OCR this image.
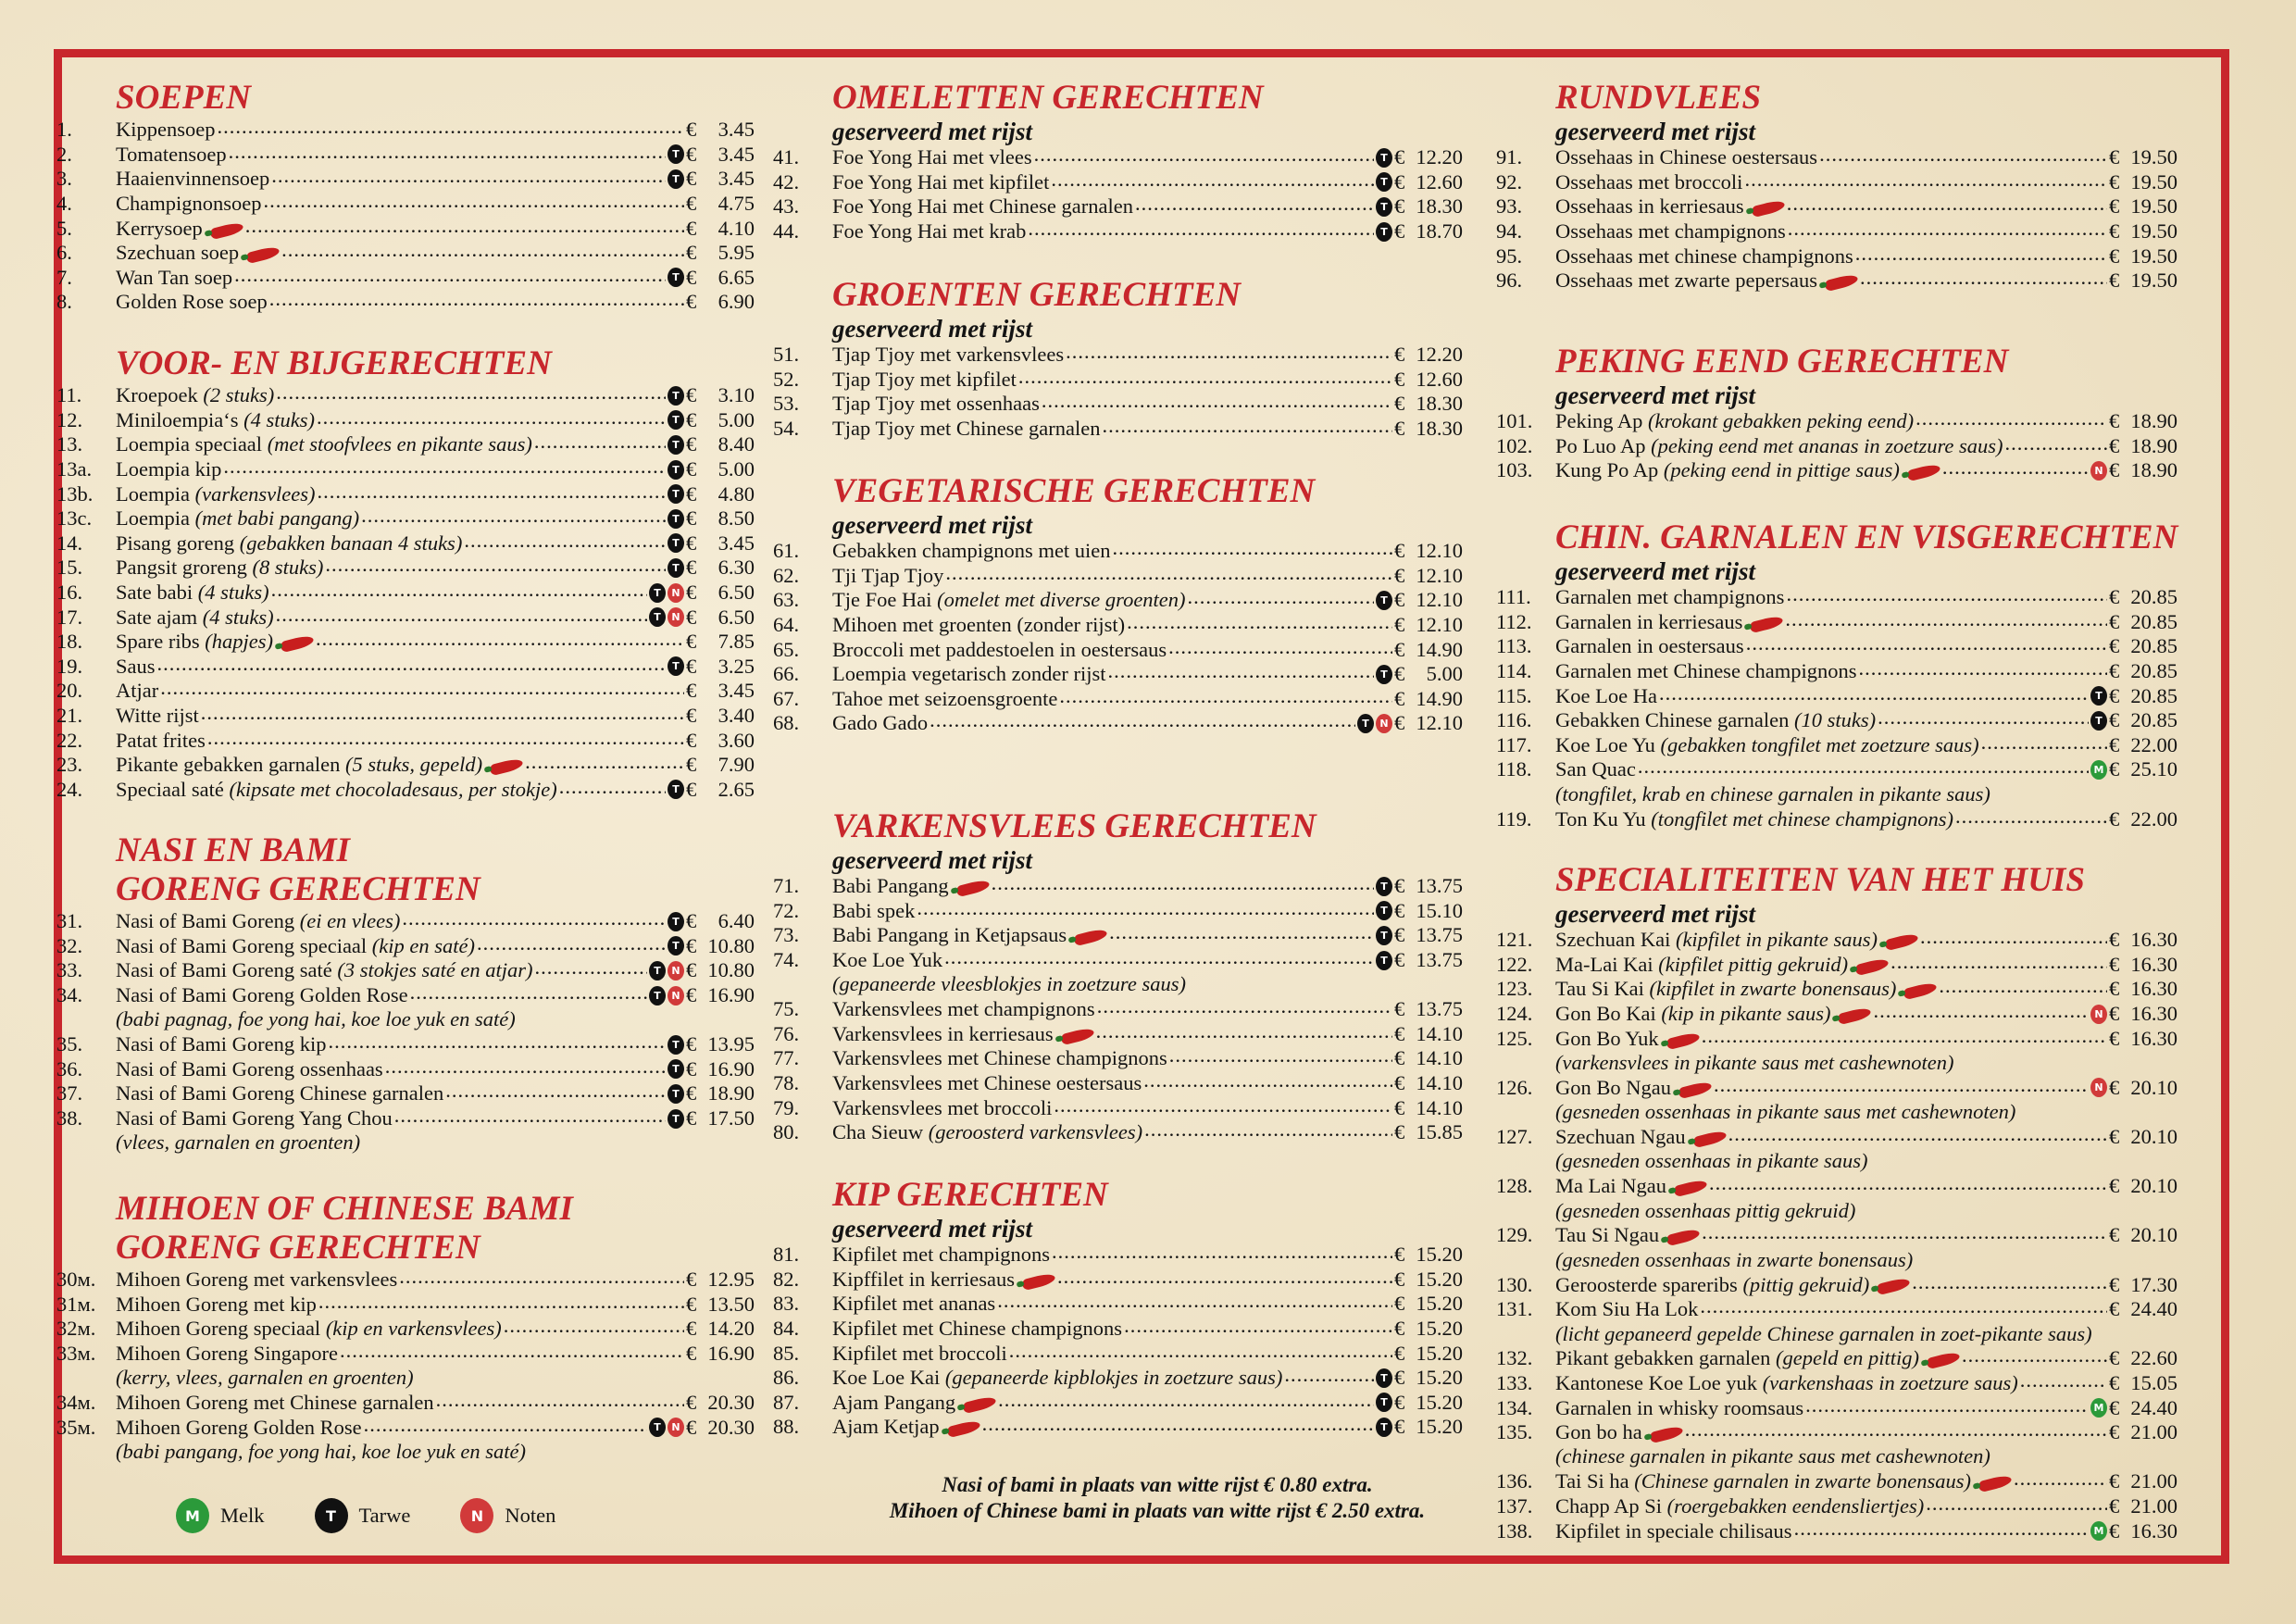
SOEPEN
1.	Kippensoep .....	€ 3.45
2.	Tomatensoep .....	T € 3.45
3.	Haaienvinnensoep .....	T € 3.45
4.	Champignonsoep .....	€ 4.75
5.	Kerrysoep .....	€ 4.10
6.	Szechuan soep .....	€ 5.95
7.	Wan Tan soep .....	T € 6.65
8.	Golden Rose soep .....	€ 6.90
VOOR- EN BIJGERECHTEN
11.	Kroepoek (2 stuks) .....	T € 3.10
12.	Miniloempia‘s (4 stuks) .....	T € 5.00
13.	Loempia speciaal (met stoofvlees en pikante saus) .....	T € 8.40
13a.	Loempia kip .....	T € 5.00
13b.	Loempia (varkensvlees) .....	T € 4.80
13c.	Loempia (met babi pangang) .....	T € 8.50
14.	Pisang goreng (gebakken banaan 4 stuks) .....	T € 3.45
15.	Pangsit groreng (8 stuks) .....	T € 6.30
16.	Sate babi (4 stuks) .....	T	N € 6.50
17.	Sate ajam (4 stuks) .....	T	N € 6.50
18.	Spare ribs (hapjes) .....	€ 7.85
19.	Saus .....	T € 3.25
20.	Atjar .....	€ 3.45
21.	Witte rijst .....	€ 3.40
22.	Patat frites .....	€ 3.60
23.	Pikante gebakken garnalen (5 stuks, gepeld) .....	€ 7.90
24.	Speciaal saté (kipsate met chocoladesaus, per stokje) .....	T € 2.65
NASI EN BAMI
GORENG GERECHTEN
31.	Nasi of Bami Goreng (ei en vlees) .....	T € 6.40
32.	Nasi of Bami Goreng speciaal (kip en saté) .....	T € 10.80
33.	Nasi of Bami Goreng saté (3 stokjes saté en atjar) .....	T	N € 10.80
34.	Nasi of Bami Goreng Golden Rose .....	T	N € 16.90
(babi pagnag, foe yong hai, koe loe yuk en saté)
35.	Nasi of Bami Goreng kip .....	T € 13.95
36.	Nasi of Bami Goreng ossenhaas .....	T € 16.90
37.	Nasi of Bami Goreng Chinese garnalen .....	T € 18.90
38.	Nasi of Bami Goreng Yang Chou .....	T € 17.50
(vlees, garnalen en groenten)
MIHOEN OF CHINESE BAMI
GORENG GERECHTEN
30м. Mihoen Goreng met varkensvlees .....	€ 12.95
31м. Mihoen Goreng met kip .....	€ 13.50
32м. Mihoen Goreng speciaal (kip en varkensvlees) .....	€ 14.20
33м. Mihoen Goreng Singapore .....	€ 16.90
(kerry, vlees, garnalen en groenten)
34м. Mihoen Goreng met Chinese garnalen .....	€ 20.30
35м. Mihoen Goreng Golden Rose .....	T	N € 20.30
(babi pangang, foe yong hai, koe loe yuk en saté)
OMELETTEN GERECHTEN
geserveerd met rijst
41.	Foe Yong Hai met vlees .....	T € 12.20
42.	Foe Yong Hai met kipfilet .....	T € 12.60
43.	Foe Yong Hai met Chinese garnalen .....	T € 18.30
44.	Foe Yong Hai met krab .....	T € 18.70
GROENTEN GERECHTEN
geserveerd met rijst
51.	Tjap Tjoy met varkensvlees .....	€ 12.20
52.	Tjap Tjoy met kipfilet .....	€ 12.60
53.	Tjap Tjoy met ossenhaas .....	€ 18.30
54.	Tjap Tjoy met Chinese garnalen .....	€ 18.30
VEGETARISCHE GERECHTEN
geserveerd met rijst
61.	Gebakken champignons met uien .....	€ 12.10
62.	Tji Tjap Tjoy .....	€ 12.10
63.	Tje Foe Hai (omelet met diverse groenten) .....	T € 12.10
64.	Mihoen met groenten (zonder rijst) .....	€ 12.10
65.	Broccoli met paddestoelen in oestersaus .....	€ 14.90
66.	Loempia vegetarisch zonder rijst .....	T € 5.00
67.	Tahoe met seizoensgroente .....	€ 14.90
68.	Gado Gado .....	T	N € 12.10
VARKENSVLEES GERECHTEN
geserveerd met rijst
71.	Babi Pangang .....	T € 13.75
72.	Babi spek .....	T € 15.10
73.	Babi Pangang in Ketjapsaus .....	T € 13.75
74.	Koe Loe Yuk .....	T € 13.75
(gepaneerde vleesblokjes in zoetzure saus)
75.	Varkensvlees met champignons .....	€ 13.75
76.	Varkensvlees in kerriesaus .....	€ 14.10
77.	Varkensvlees met Chinese champignons .....	€ 14.10
78.	Varkensvlees met Chinese oestersaus .....	€ 14.10
79.	Varkensvlees met broccoli .....	€ 14.10
80.	Cha Sieuw (geroosterd varkensvlees) .....	€ 15.85
KIP GERECHTEN
geserveerd met rijst
81.	Kipfilet met champignons .....	€ 15.20
82.	Kipffilet in kerriesaus .....	€ 15.20
83.	Kipfilet met ananas .....	€ 15.20
84.	Kipfilet met Chinese champignons .....	€ 15.20
85.	Kipfilet met broccoli .....	€ 15.20
86.	Koe Loe Kai (gepaneerde kipblokjes in zoetzure saus) .....	T € 15.20
87.	Ajam Pangang .....	T € 15.20
88.	Ajam Ketjap .....	T € 15.20
RUNDVLEES
geserveerd met rijst
91.	Ossehaas in Chinese oestersaus .....	€ 19.50
92.	Ossehaas met broccoli .....	€ 19.50
93.	Ossehaas in kerriesaus .....	€ 19.50
94.	Ossehaas met champignons .....	€ 19.50
95.	Ossehaas met chinese champignons .....	€ 19.50
96.	Ossehaas met zwarte pepersaus .....	€ 19.50
PEKING EEND GERECHTEN
geserveerd met rijst
101.	Peking Ap (krokant gebakken peking eend) .....	€ 18.90
102.	Po Luo Ap (peking eend met ananas in zoetzure saus) .....	€ 18.90
103.	Kung Po Ap (peking eend in pittige saus) .....	N € 18.90
CHIN. GARNALEN EN VISGERECHTEN
geserveerd met rijst
111.	Garnalen met champignons .....	€ 20.85
112.	Garnalen in kerriesaus .....	€ 20.85
113.	Garnalen in oestersaus .....	€ 20.85
114.	Garnalen met Chinese champignons .....	€ 20.85
115.	Koe Loe Ha .....	T € 20.85
116.	Gebakken Chinese garnalen (10 stuks) .....	T € 20.85
117.	Koe Loe Yu (gebakken tongfilet met zoetzure saus) .....	€ 22.00
118.	San Quac .....	M € 25.10
(tongfilet, krab en chinese garnalen in pikante saus)
119.	Ton Ku Yu (tongfilet met chinese champignons) .....	€ 22.00
SPECIALITEITEN VAN HET HUIS
geserveerd met rijst
121.	Szechuan Kai (kipfilet in pikante saus) .....	€ 16.30
122.	Ma-Lai Kai (kipfilet pittig gekruid) .....	€ 16.30
123.	Tau Si Kai (kipfilet in zwarte bonensaus) .....	€ 16.30
124.	Gon Bo Kai (kip in pikante saus) .....	N € 16.30
125.	Gon Bo Yuk .....	€ 16.30
(varkensvlees in pikante saus met cashewnoten)
126.	Gon Bo Ngau .....	N € 20.10
(gesneden ossenhaas in pikante saus met cashewnoten)
127.	Szechuan Ngau .....	€ 20.10
(gesneden ossenhaas in pikante saus)
128.	Ma Lai Ngau .....	€ 20.10
(gesneden ossenhaas pittig gekruid)
129.	Tau Si Ngau .....	€ 20.10
(gesneden ossenhaas in zwarte bonensaus)
130.	Geroosterde spareribs (pittig gekruid) .....	€ 17.30
131.	Kom Siu Ha Lok .....	€ 24.40
(licht gepaneerd gepelde Chinese garnalen in zoet-pikante saus)
132.	Pikant gebakken garnalen (gepeld en pittig) .....	€ 22.60
133.	Kantonese Koe Loe yuk (varkenshaas in zoetzure saus) .....	€ 15.05
134.	Garnalen in whisky roomsaus .....	M € 24.40
135.	Gon bo ha .....	€ 21.00
(chinese garnalen in pikante saus met cashewnoten)
136.	Tai Si ha (Chinese garnalen in zwarte bonensaus) .....	€ 21.00
137.	Chapp Ap Si (roergebakken eendensliertjes) .....	€ 21.00
138.	Kipfilet in speciale chilisaus .....	M € 16.30
Nasi of bami in plaats van witte rijst € 0.80 extra.
Mihoen of Chinese bami in plaats van witte rijst € 2.50 extra.
M Melk	T	Tarwe	N	Noten
